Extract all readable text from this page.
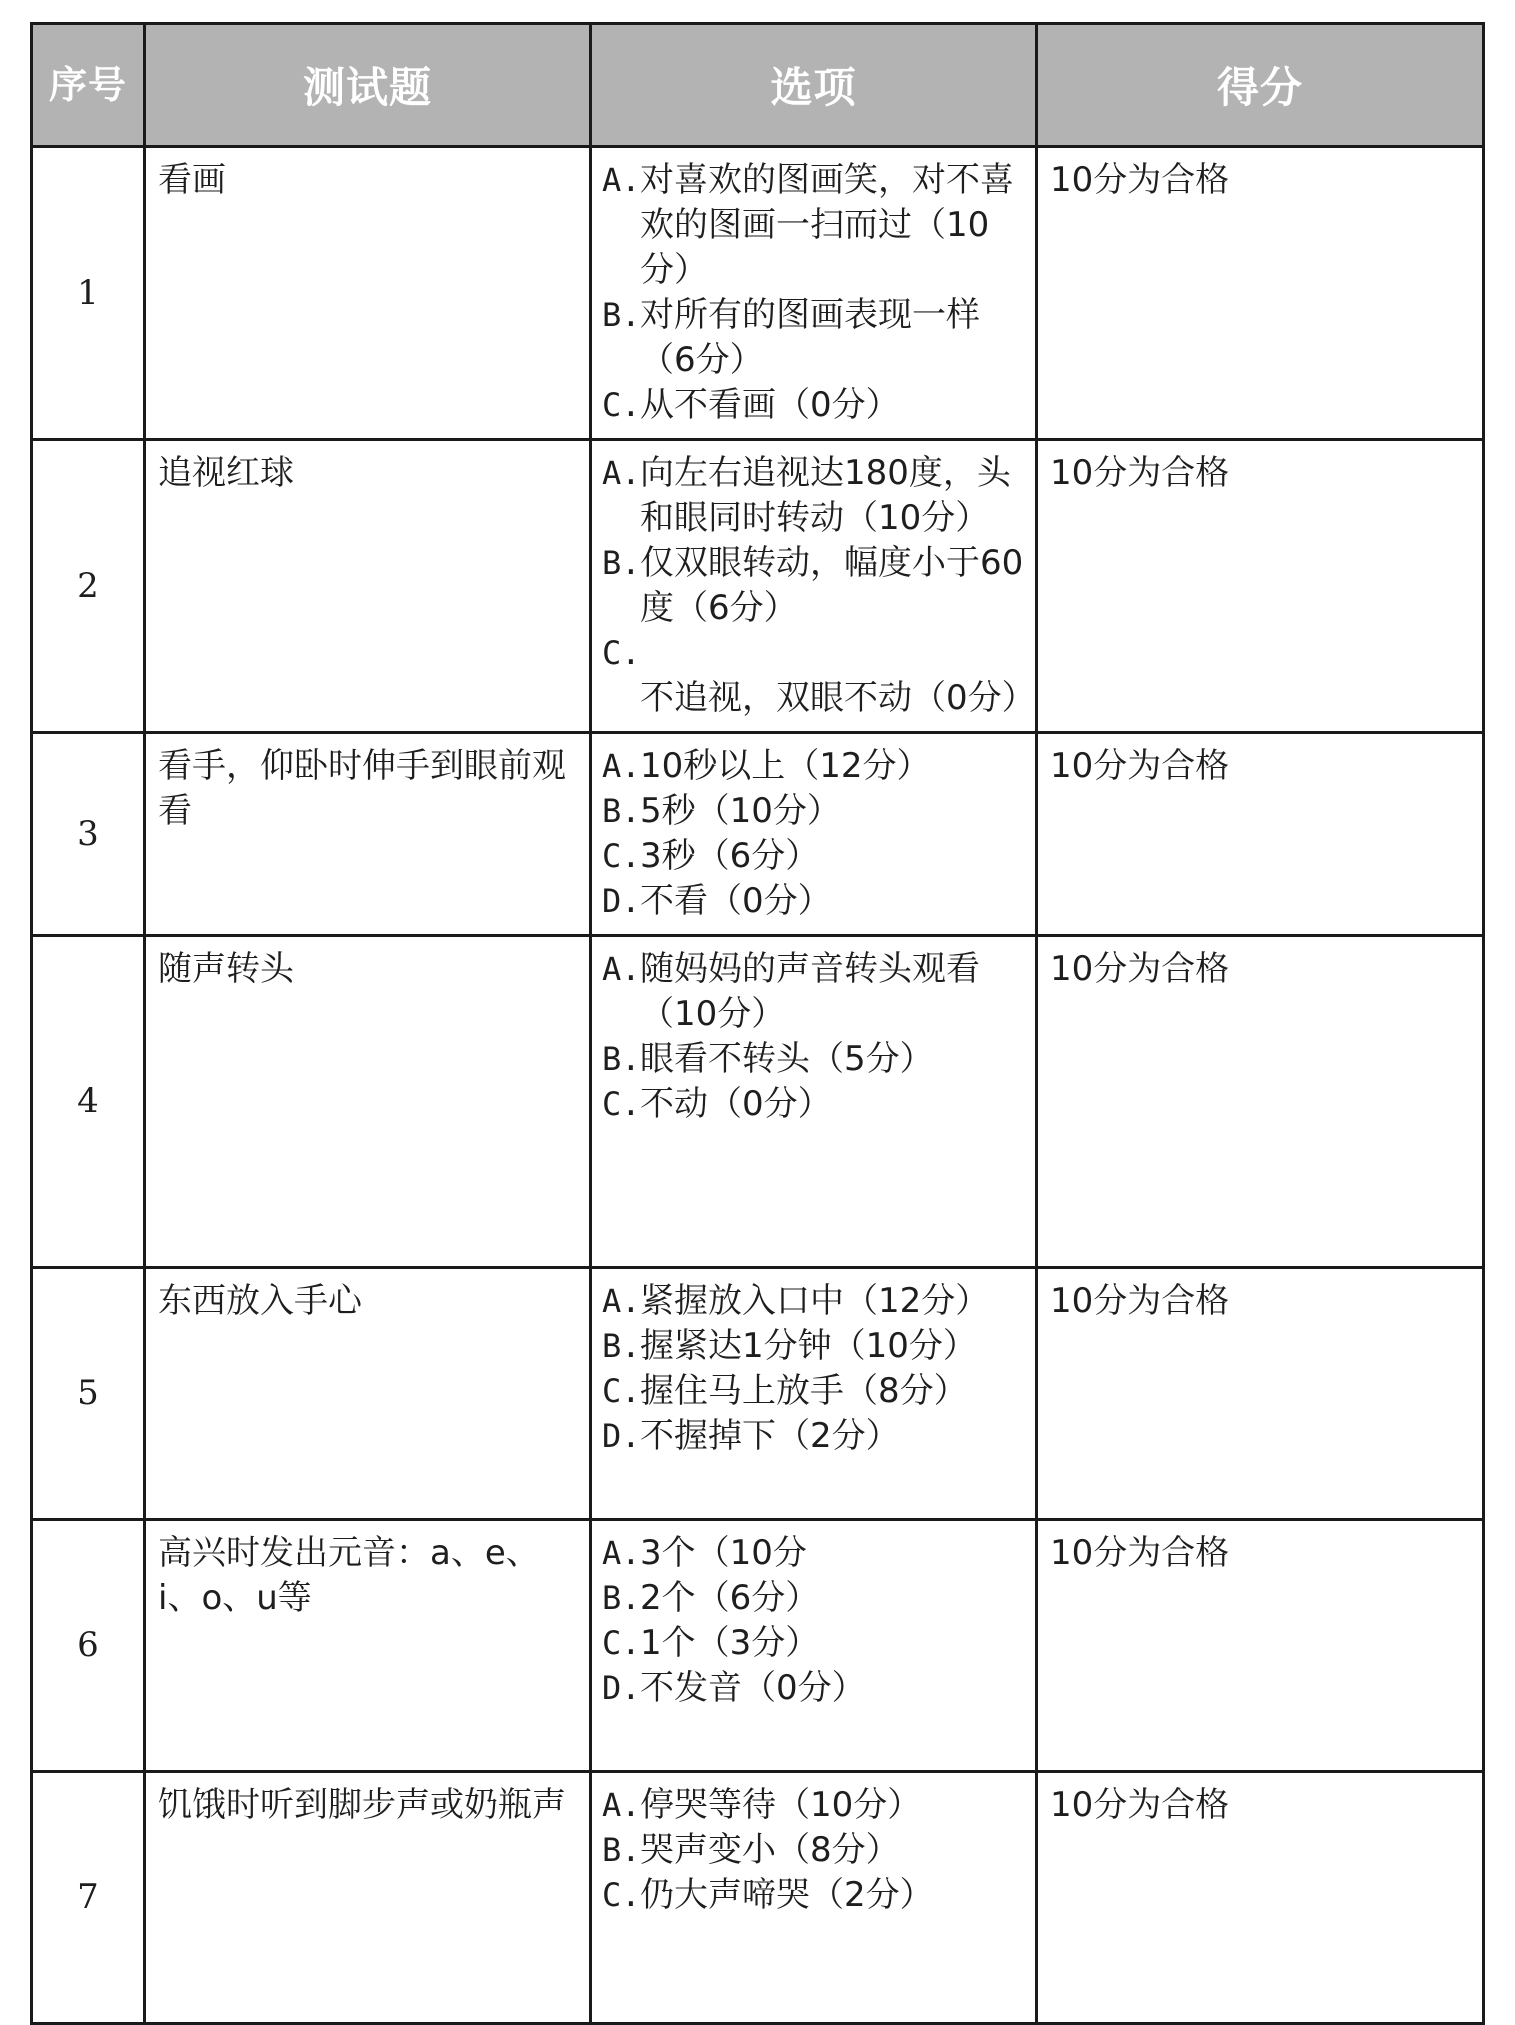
序号	测试题	选项	得分
1	看画	A.对喜欢的图画笑，对不喜欢的图画一扫而过（10分）
B.对所有的图画表现一样（6分）
C.从不看画（0分）	10分为合格

2	追视红球	A.向左右追视达180度，头和眼同时转动（10分）
B.仅双眼转动，幅度小于60度（6分）
C.不追视，双眼不动（0分）	10分为合格

3	看手，仰卧时伸手到眼前观看	A.10秒以上（12分）
B.5秒（10分）
C.3秒（6分）
D.不看（0分）	10分为合格

4	随声转头	A.随妈妈的声音转头观看（10分）
B.眼看不转头（5分）
C.不动（0分）	10分为合格

5	东西放入手心	A.紧握放入口中（12分）
B.握紧达1分钟（10分）
C.握住马上放手（8分）
D.不握掉下（2分）	10分为合格

6	高兴时发出元音：a、e、i、o、u等	A.3个（10分
B.2个（6分）
C.1个（3分）
D.不发音（0分）	10分为合格

7	饥饿时听到脚步声或奶瓶声	A.停哭等待（10分）
B.哭声变小（8分）
C.仍大声啼哭（2分）	10分为合格
